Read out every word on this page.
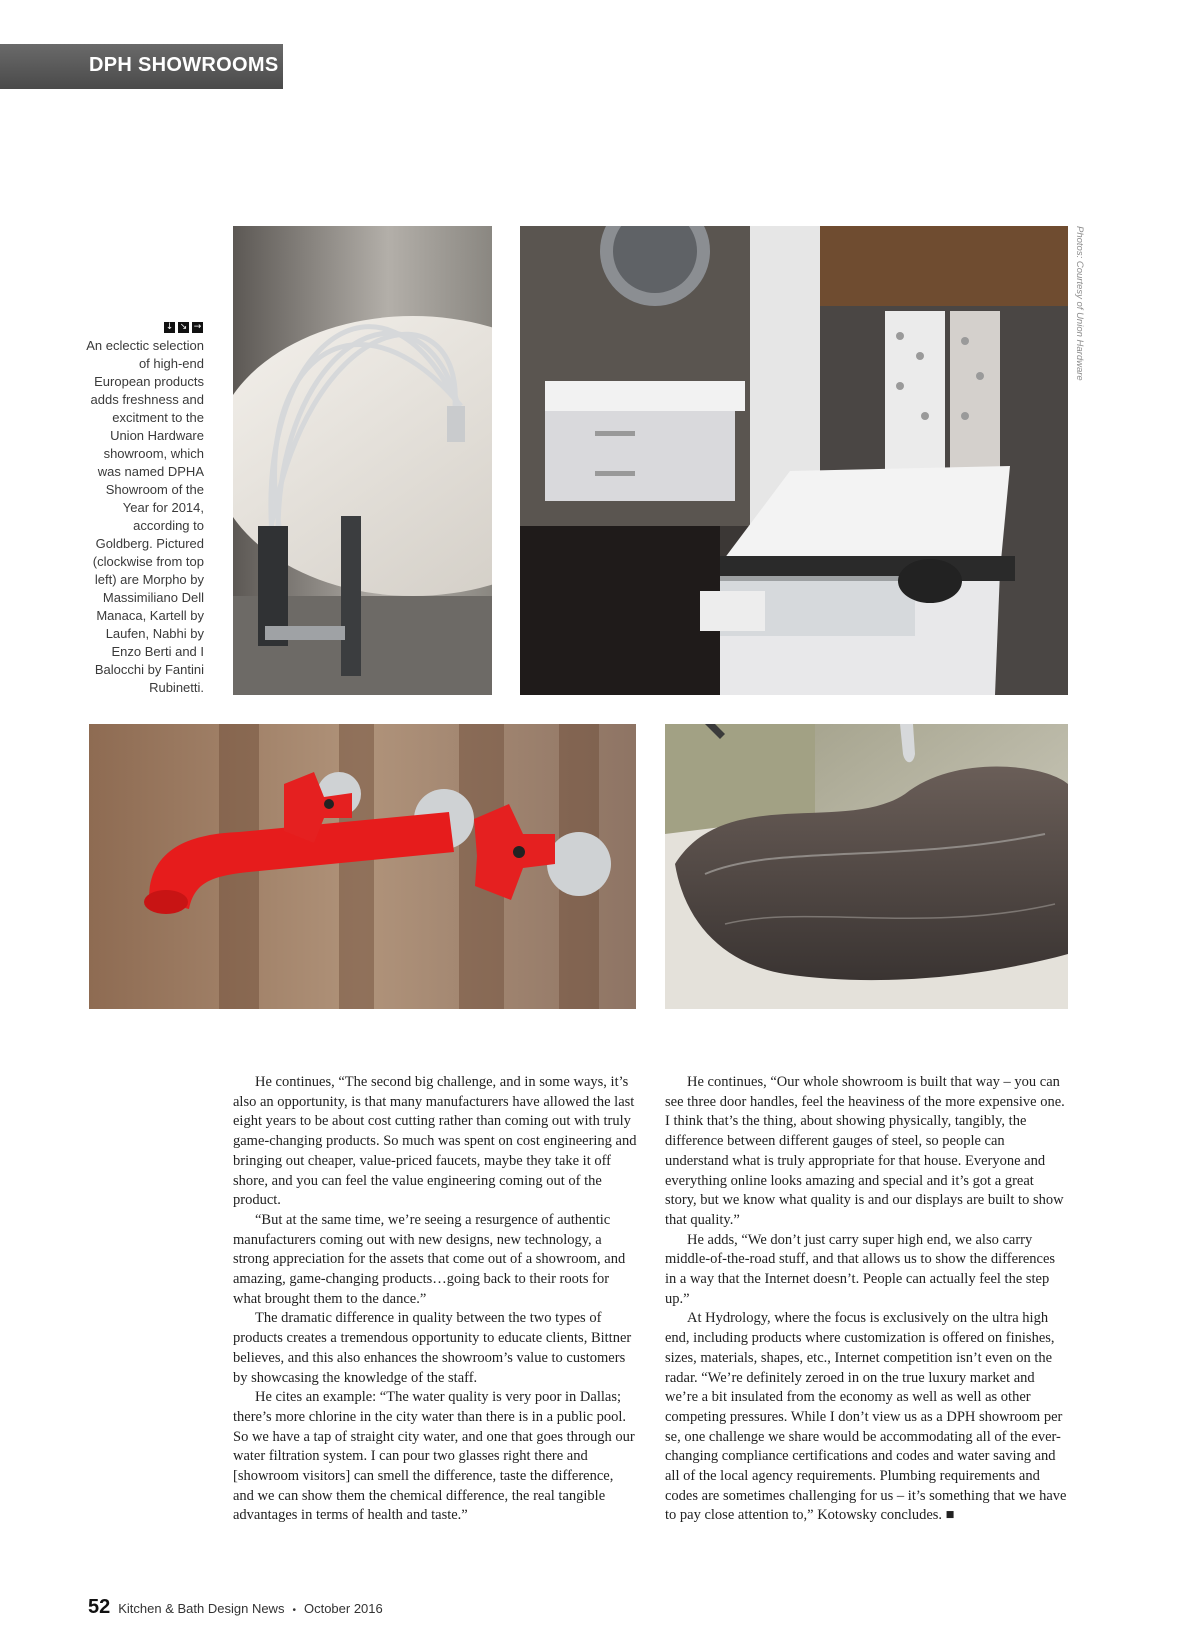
DPH SHOWROOMS
↓ ↘ →
An eclectic selection of high-end European products adds freshness and excitment to the Union Hardware showroom, which was named DPHA Showroom of the Year for 2014, according to Goldberg. Pictured (clockwise from top left) are Morpho by Massimiliano Dell Manaca, Kartell by Laufen, Nabhi by Enzo Berti and I Balocchi by Fantini Rubinetti.
Photos: Courtesy of Union Hardware

He continues, “The second big challenge, and in some ways, it’s also an opportunity, is that many manufacturers have allowed the last eight years to be about cost cutting rather than coming out with truly game-changing products. So much was spent on cost engineering and bringing out cheaper, value-priced faucets, maybe they take it off shore, and you can feel the value engineering coming out of the product.

“But at the same time, we’re seeing a resurgence of authentic manufacturers coming out with new designs, new technology, a strong appreciation for the assets that come out of a showroom, and amazing, game-changing products…going back to their roots for what brought them to the dance.”

The dramatic difference in quality between the two types of products creates a tremendous opportunity to educate clients, Bittner believes, and this also enhances the showroom’s value to customers by showcasing the knowledge of the staff.

He cites an example: “The water quality is very poor in Dallas; there’s more chlorine in the city water than there is in a public pool. So we have a tap of straight city water, and one that goes through our water filtration system. I can pour two glasses right there and [showroom visitors] can smell the difference, taste the difference, and we can show them the chemical difference, the real tangible advantages in terms of health and taste.”

He continues, “Our whole showroom is built that way – you can see three door handles, feel the heaviness of the more expensive one. I think that’s the thing, about showing physically, tangibly, the difference between different gauges of steel, so people can understand what is truly appropriate for that house. Everyone and everything online looks amazing and special and it’s got a great story, but we know what quality is and our displays are built to show that quality.”

He adds, “We don’t just carry super high end, we also carry middle-of-the-road stuff, and that allows us to show the differences in a way that the Internet doesn’t. People can actually feel the step up.”

At Hydrology, where the focus is exclusively on the ultra high end, including products where customization is offered on finishes, sizes, materials, shapes, etc., Internet competition isn’t even on the radar. “We’re definitely zeroed in on the true luxury market and we’re a bit insulated from the economy as well as well as other competing pressures. While I don’t view us as a DPH showroom per se, one challenge we share would be accommodating all of the ever-changing compliance certifications and codes and water saving and all of the local agency requirements. Plumbing requirements and codes are sometimes challenging for us – it’s something that we have to pay close attention to,” Kotowsky concludes. ■

52 Kitchen & Bath Design News • October 2016
